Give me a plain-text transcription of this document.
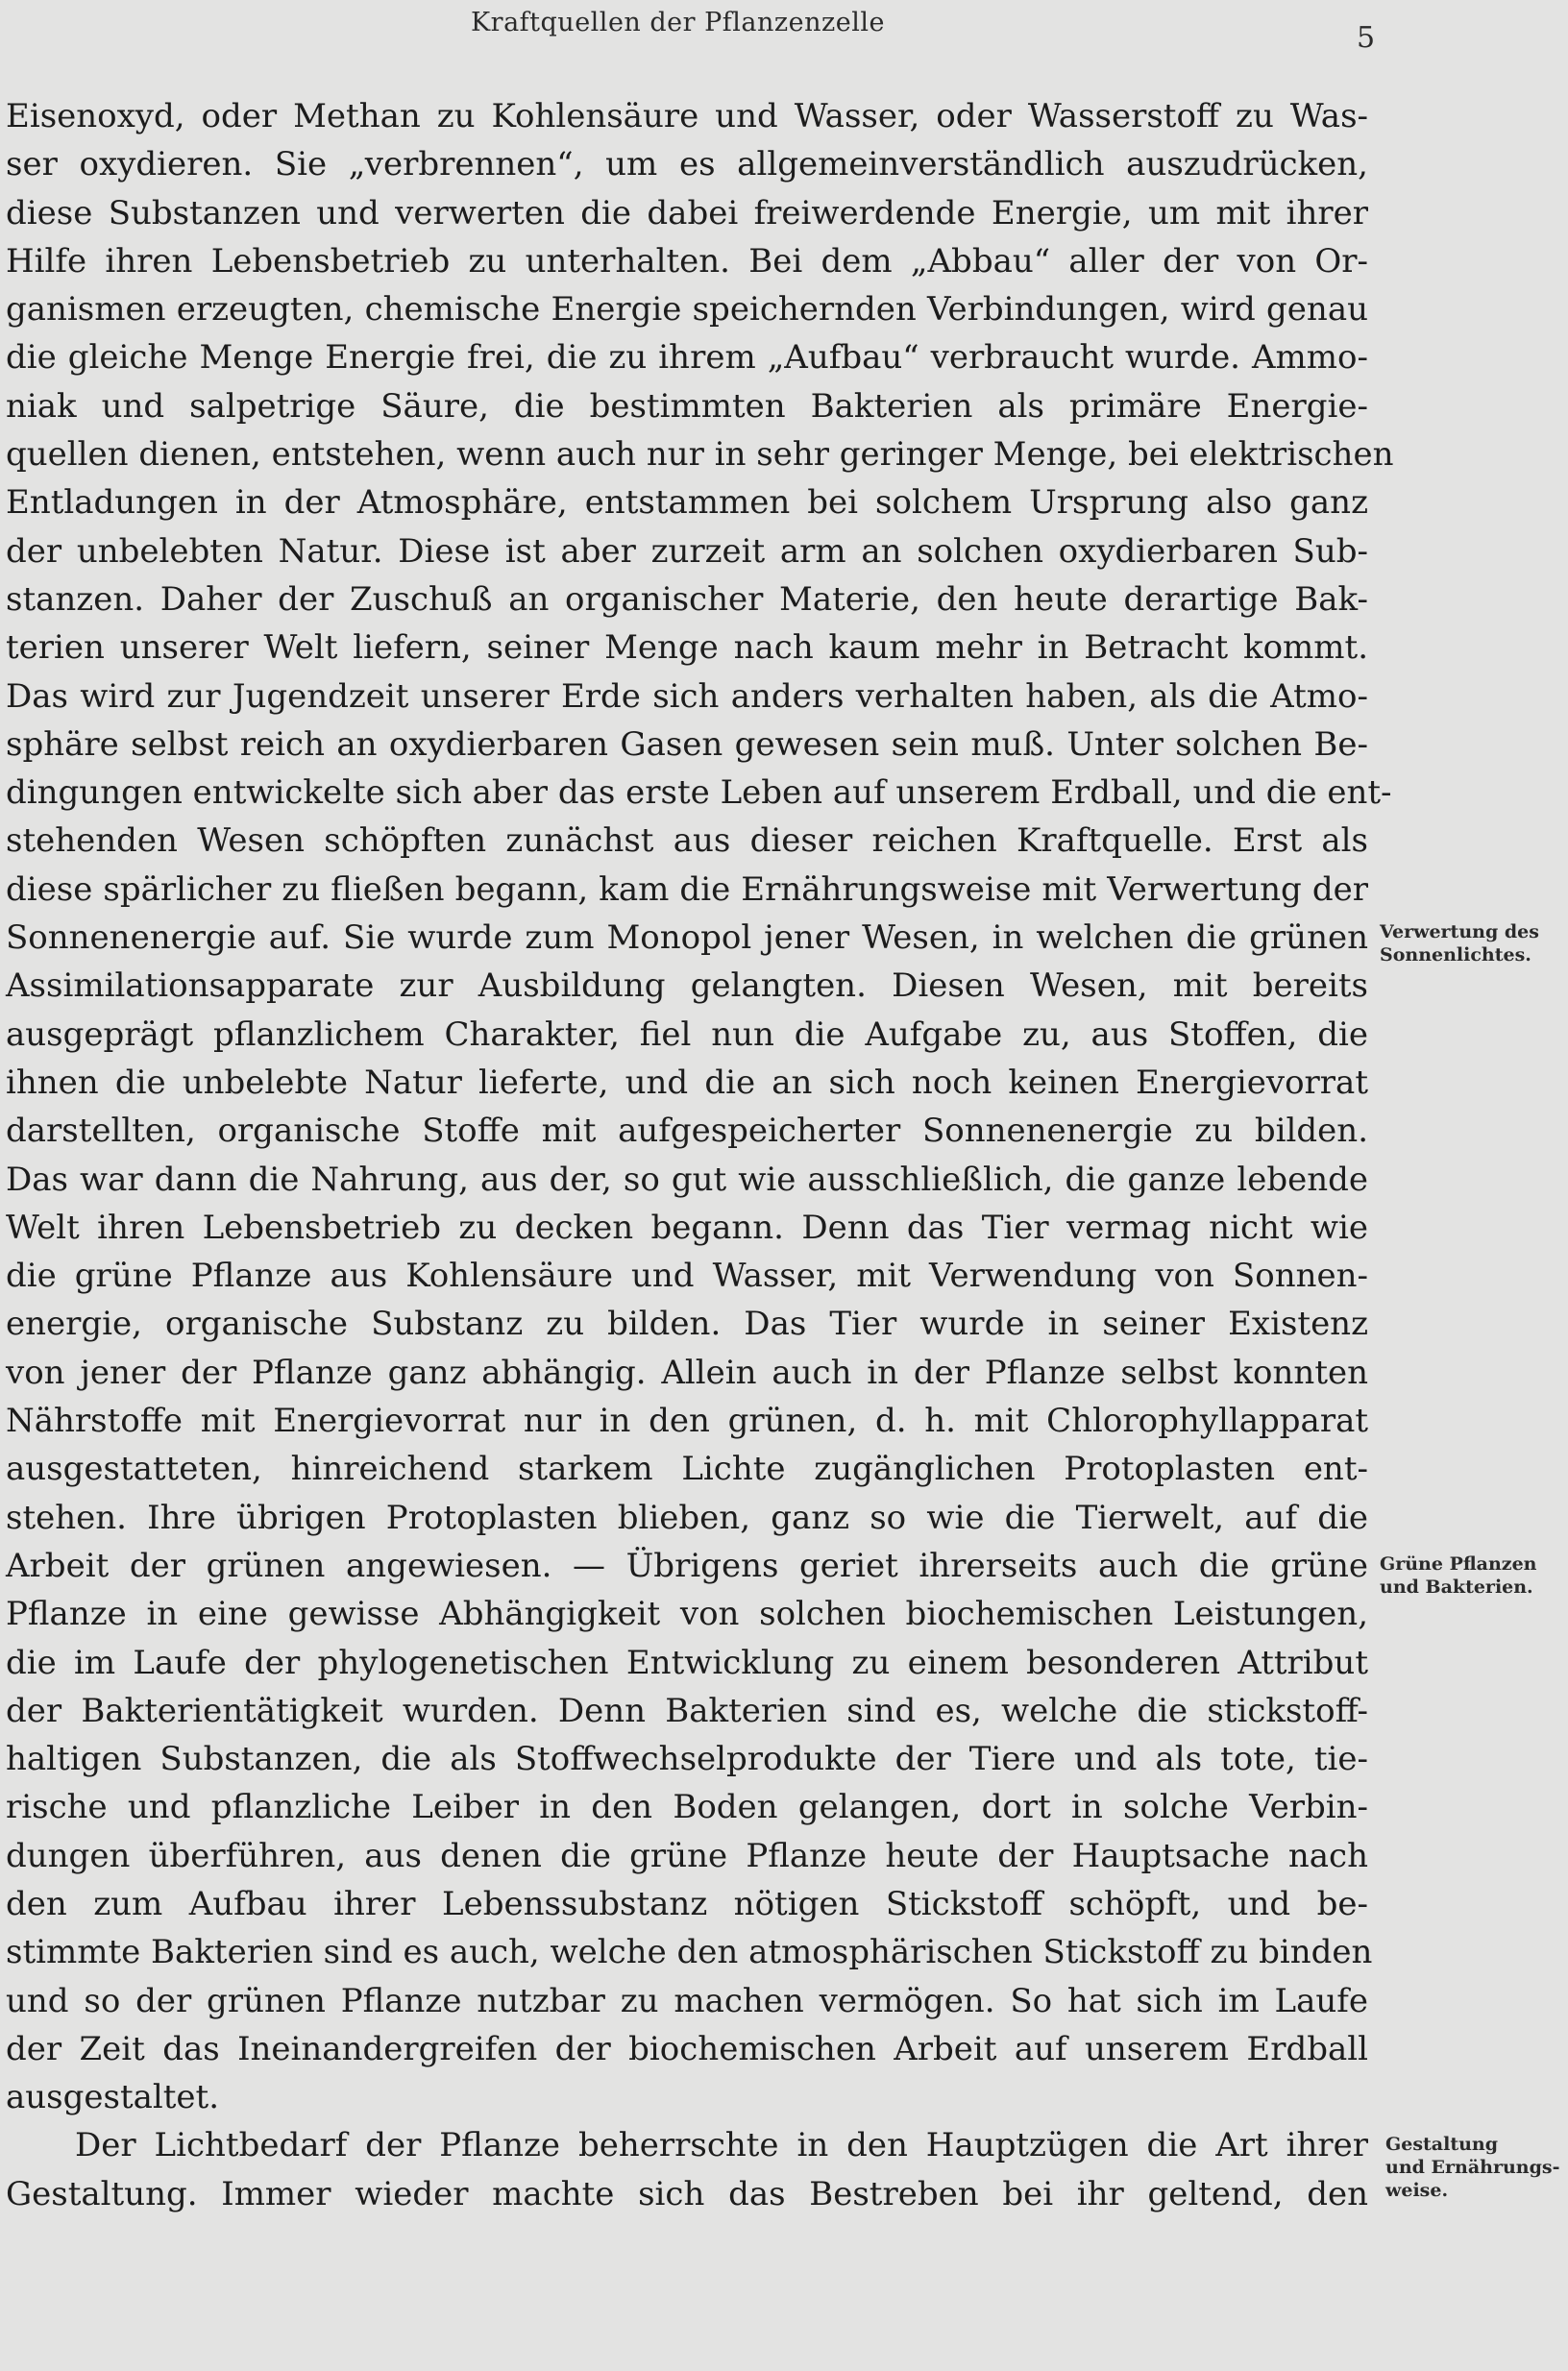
Kraftquellen der Pflanzenzelle	5
Eisenoxyd, oder Methan zu Kohlensäure und Wasser, oder Wasserstoff zu Was-
ser oxydieren. Sie „verbrennen“, um es allgemeinverständlich auszudrücken,
diese Substanzen und verwerten die dabei freiwerdende Energie, um mit ihrer
Hilfe ihren Lebensbetrieb zu unterhalten. Bei dem „Abbau“ aller der von Or-
ganismen erzeugten, chemische Energie speichernden Verbindungen, wird genau
die gleiche Menge Energie frei, die zu ihrem „Aufbau“ verbraucht wurde. Ammo-
niak und salpetrige Säure, die bestimmten Bakterien als primäre Energie-
quellen dienen, entstehen, wenn auch nur in sehr geringer Menge, bei elektrischen
Entladungen in der Atmosphäre, entstammen bei solchem Ursprung also ganz
der unbelebten Natur. Diese ist aber zurzeit arm an solchen oxydierbaren Sub-
stanzen. Daher der Zuschuß an organischer Materie, den heute derartige Bak-
terien unserer Welt liefern, seiner Menge nach kaum mehr in Betracht kommt.
Das wird zur Jugendzeit unserer Erde sich anders verhalten haben, als die Atmo-
sphäre selbst reich an oxydierbaren Gasen gewesen sein muß. Unter solchen Be-
dingungen entwickelte sich aber das erste Leben auf unserem Erdball, und die ent-
stehenden Wesen schöpften zunächst aus dieser reichen Kraftquelle. Erst als
diese spärlicher zu fließen begann, kam die Ernährungsweise mit Verwertung der
Sonnenenergie auf. Sie wurde zum Monopol jener Wesen, in welchen die grünen
Assimilationsapparate zur Ausbildung gelangten. Diesen Wesen, mit bereits
ausgeprägt pflanzlichem Charakter, fiel nun die Aufgabe zu, aus Stoffen, die
ihnen die unbelebte Natur lieferte, und die an sich noch keinen Energievorrat
darstellten, organische Stoffe mit aufgespeicherter Sonnenenergie zu bilden.
Das war dann die Nahrung, aus der, so gut wie ausschließlich, die ganze lebende
Welt ihren Lebensbetrieb zu decken begann. Denn das Tier vermag nicht wie
die grüne Pflanze aus Kohlensäure und Wasser, mit Verwendung von Sonnen-
energie, organische Substanz zu bilden. Das Tier wurde in seiner Existenz
von jener der Pflanze ganz abhängig. Allein auch in der Pflanze selbst konnten
Nährstoffe mit Energievorrat nur in den grünen, d. h. mit Chlorophyllapparat
ausgestatteten, hinreichend starkem Lichte zugänglichen Protoplasten ent-
stehen. Ihre übrigen Protoplasten blieben, ganz so wie die Tierwelt, auf die
Arbeit der grünen angewiesen. — Übrigens geriet ihrerseits auch die grüne
Pflanze in eine gewisse Abhängigkeit von solchen biochemischen Leistungen,
die im Laufe der phylogenetischen Entwicklung zu einem besonderen Attribut
der Bakterientätigkeit wurden. Denn Bakterien sind es, welche die stickstoff-
haltigen Substanzen, die als Stoffwechselprodukte der Tiere und als tote, tie-
rische und pflanzliche Leiber in den Boden gelangen, dort in solche Verbin-
dungen überführen, aus denen die grüne Pflanze heute der Hauptsache nach
den zum Aufbau ihrer Lebenssubstanz nötigen Stickstoff schöpft, und be-
stimmte Bakterien sind es auch, welche den atmosphärischen Stickstoff zu binden
und so der grünen Pflanze nutzbar zu machen vermögen. So hat sich im Laufe
der Zeit das Ineinandergreifen der biochemischen Arbeit auf unserem Erdball
ausgestaltet.
Der Lichtbedarf der Pflanze beherrschte in den Hauptzügen die Art ihrer
Gestaltung. Immer wieder machte sich das Bestreben bei ihr geltend, den
Verwertung des
Sonnenlichtes.
Grüne Pflanzen
und Bakterien.
Gestaltung
und Ernährungs-
weise.
